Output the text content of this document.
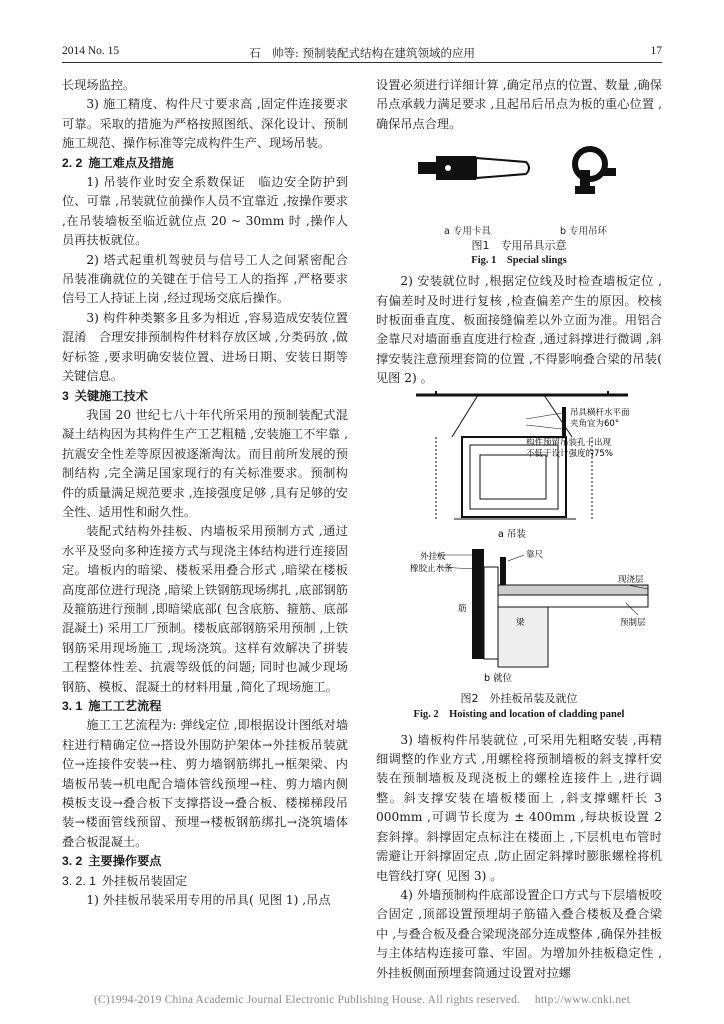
2014 No. 15	石　帅等: 预制装配式结构在建筑领域的应用	17

长现场监控。

3) 施工精度、构件尺寸要求高 ,固定件连接要求可靠。采取的措施为严格按照图纸、深化设计、预制施工规范、操作标准等完成构件生产、现场吊装。

2. 2 施工难点及措施

1) 吊装作业时安全系数保证　临边安全防护到位、可靠 ,吊装就位前操作人员不宜靠近 ,按操作要求 ,在吊装墙板至临近就位点 20 ~ 30mm 时 ,操作人员再扶板就位。

2) 塔式起重机驾驶员与信号工人之间紧密配合　吊装准确就位的关键在于信号工人的指挥 ,严格要求信号工人持证上岗 ,经过现场交底后操作。

3) 构件种类繁多且多为相近 ,容易造成安装位置混淆　合理安排预制构件材料存放区域 ,分类码放 ,做好标签 ,要求明确安装位置、进场日期、安装日期等关键信息。

3 关键施工技术

我国 20 世纪七八十年代所采用的预制装配式混凝土结构因为其构件生产工艺粗糙 ,安装施工不牢靠 ,抗震安全性差等原因被逐渐淘汰。而目前所发展的预制结构 ,完全满足国家现行的有关标准要求。预制构件的质量满足规范要求 ,连接强度足够 ,具有足够的安全性、适用性和耐久性。

装配式结构外挂板、内墙板采用预制方式 ,通过水平及竖向多种连接方式与现浇主体结构进行连接固定。墙板内的暗梁、楼板采用叠合形式 ,暗梁在楼板高度部位进行现浇 ,暗梁上铁钢筋现场绑扎 ,底部钢筋及箍筋进行预制 ,即暗梁底部( 包含底筋、箍筋、底部混凝土) 采用工厂预制。楼板底部钢筋采用预制 ,上铁钢筋采用现场施工 ,现场浇筑。这样有效解决了拼装工程整体性差、抗震等级低的问题; 同时也减少现场钢筋、模板、混凝土的材料用量 ,简化了现场施工。

3. 1 施工工艺流程

施工工艺流程为: 弹线定位 ,即根据设计图纸对墙柱进行精确定位→搭设外围防护架体→外挂板吊装就位→连接件安装→柱、剪力墙钢筋绑扎→框架梁、内墙板吊装→机电配合墙体管线预埋→柱、剪力墙内侧模板支设→叠合板下支撑搭设→叠合板、楼梯梯段吊装→楼面管线预留、预埋→楼板钢筋绑扎→浇筑墙体叠合板混凝土。

3. 2 主要操作要点
3. 2. 1 外挂板吊装固定

1) 外挂板吊装采用专用的吊具( 见图 1) ,吊点

设置必须进行详细计算 ,确定吊点的位置、数量 ,确保吊点承载力满足要求 ,且起吊后吊点为板的重心位置 ,确保吊点合理。

a 专用卡具	b 专用吊环
图1　专用吊具示意
Fig. 1　Special slings

2) 安装就位时 ,根据定位线及时检查墙板定位 ,有偏差时及时进行复核 ,检查偏差产生的原因。校核时板面垂直度、板面接缝偏差以外立面为准。用铝合金靠尺对墙面垂直度进行检查 ,通过斜撑进行微调 ,斜撑安装注意预埋套筒的位置 ,不得影响叠合梁的吊装( 见图 2) 。

吊具横杆水平面
夹角宜为60°
构件预留吊装孔十出现
不低于设计强度的75%
a 吊装
外挂板
橡胶止水条
靠尺
现浇层
梁	预制层
筋
b 就位
图2　外挂板吊装及就位
Fig. 2　Hoisting and location of cladding panel

3) 墙板构件吊装就位 ,可采用先粗略安装 ,再精细调整的作业方式 ,用螺栓将预制墙板的斜支撑杆安装在预制墙板及现浇板上的螺栓连接件上 ,进行调整。斜支撑安装在墙板楼面上 ,斜支撑螺杆长 3 000mm ,可调节长度为 ± 400mm ,每块板设置 2 套斜撑。斜撑固定点标注在楼面上 ,下层机电布管时需避让开斜撑固定点 ,防止固定斜撑时膨胀螺栓将机电管线打穿( 见图 3) 。

4) 外墙预制构件底部设置企口方式与下层墙板咬合固定 ,顶部设置预埋胡子筋锚入叠合楼板及叠合梁中 ,与叠合板及叠合梁现浇部分连成整体 ,确保外挂板与主体结构连接可靠、牢固。为增加外挂板稳定性 ,外挂板侧面预埋套筒通过设置对拉螺

(C)1994-2019 China Academic Journal Electronic Publishing House. All rights reserved.　 http://www.cnki.net
